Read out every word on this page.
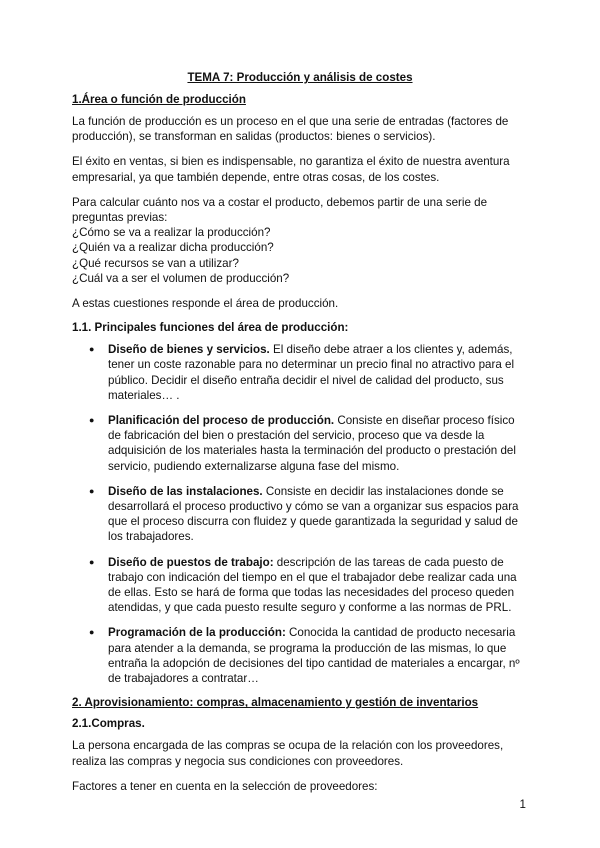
TEMA 7: Producción y análisis de costes
1.Área o función de producción

La función de producción es un proceso en el que una serie de entradas (factores de producción), se transforman en salidas (productos: bienes o servicios).

El éxito en ventas, si bien es indispensable, no garantiza el éxito de nuestra aventura empresarial, ya que también depende, entre otras cosas, de los costes.

Para calcular cuánto nos va a costar el producto, debemos partir de una serie de preguntas previas:
¿Cómo se va a realizar la producción?
¿Quién va a realizar dicha producción?
¿Qué recursos se van a utilizar?
¿Cuál va a ser el volumen de producción?

A estas cuestiones responde el área de producción.

1.1. Principales funciones del área de producción:
● Diseño de bienes y servicios. El diseño debe atraer a los clientes y, además, tener un coste razonable para no determinar un precio final no atractivo para el público. Decidir el diseño entraña decidir el nivel de calidad del producto, sus materiales… .
● Planificación del proceso de producción. Consiste en diseñar proceso físico de fabricación del bien o prestación del servicio, proceso que va desde la adquisición de los materiales hasta la terminación del producto o prestación del servicio, pudiendo externalizarse alguna fase del mismo.
● Diseño de las instalaciones. Consiste en decidir las instalaciones donde se desarrollará el proceso productivo y cómo se van a organizar sus espacios para que el proceso discurra con fluidez y quede garantizada la seguridad y salud de los trabajadores.
● Diseño de puestos de trabajo: descripción de las tareas de cada puesto de trabajo con indicación del tiempo en el que el trabajador debe realizar cada una de ellas. Esto se hará de forma que todas las necesidades del proceso queden atendidas, y que cada puesto resulte seguro y conforme a las normas de PRL.
● Programación de la producción: Conocida la cantidad de producto necesaria para atender a la demanda, se programa la producción de las mismas, lo que entraña la adopción de decisiones del tipo cantidad de materiales a encargar, nº de trabajadores a contratar…
2. Aprovisionamiento: compras, almacenamiento y gestión de inventarios
2.1.Compras.

La persona encargada de las compras se ocupa de la relación con los proveedores, realiza las compras y negocia sus condiciones con proveedores.

Factores a tener en cuenta en la selección de proveedores:

1
